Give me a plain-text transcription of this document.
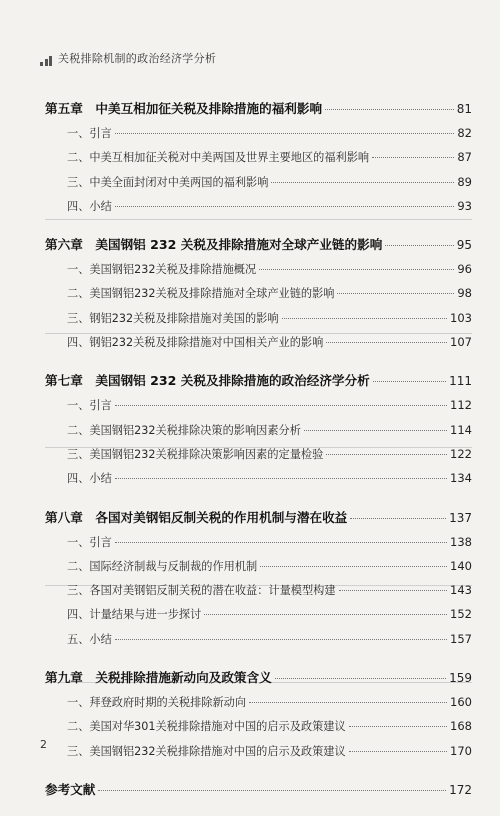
关税排除机制的政治经济学分析
第五章　中美互相加征关税及排除措施的福利影响	81
一、引言	82
二、中美互相加征关税对中美两国及世界主要地区的福利影响	87
三、中美全面封闭对中美两国的福利影响	89
四、小结	93
第六章　美国钢铝 232 关税及排除措施对全球产业链的影响	95
一、美国钢铝232关税及排除措施概况	96
二、美国钢铝232关税及排除措施对全球产业链的影响	98
三、钢铝232关税及排除措施对美国的影响	103
四、钢铝232关税及排除措施对中国相关产业的影响	107
第七章　美国钢铝 232 关税及排除措施的政治经济学分析	111
一、引言	112
二、美国钢铝232关税排除决策的影响因素分析	114
三、美国钢铝232关税排除决策影响因素的定量检验	122
四、小结	134
第八章　各国对美钢铝反制关税的作用机制与潜在收益	137
一、引言	138
二、国际经济制裁与反制裁的作用机制	140
三、各国对美钢铝反制关税的潜在收益：计量模型构建	143
四、计量结果与进一步探讨	152
五、小结	157
第九章　关税排除措施新动向及政策含义	159
一、拜登政府时期的关税排除新动向	160
二、美国对华301关税排除措施对中国的启示及政策建议	168
三、美国钢铝232关税排除措施对中国的启示及政策建议	170
参考文献	172
2
